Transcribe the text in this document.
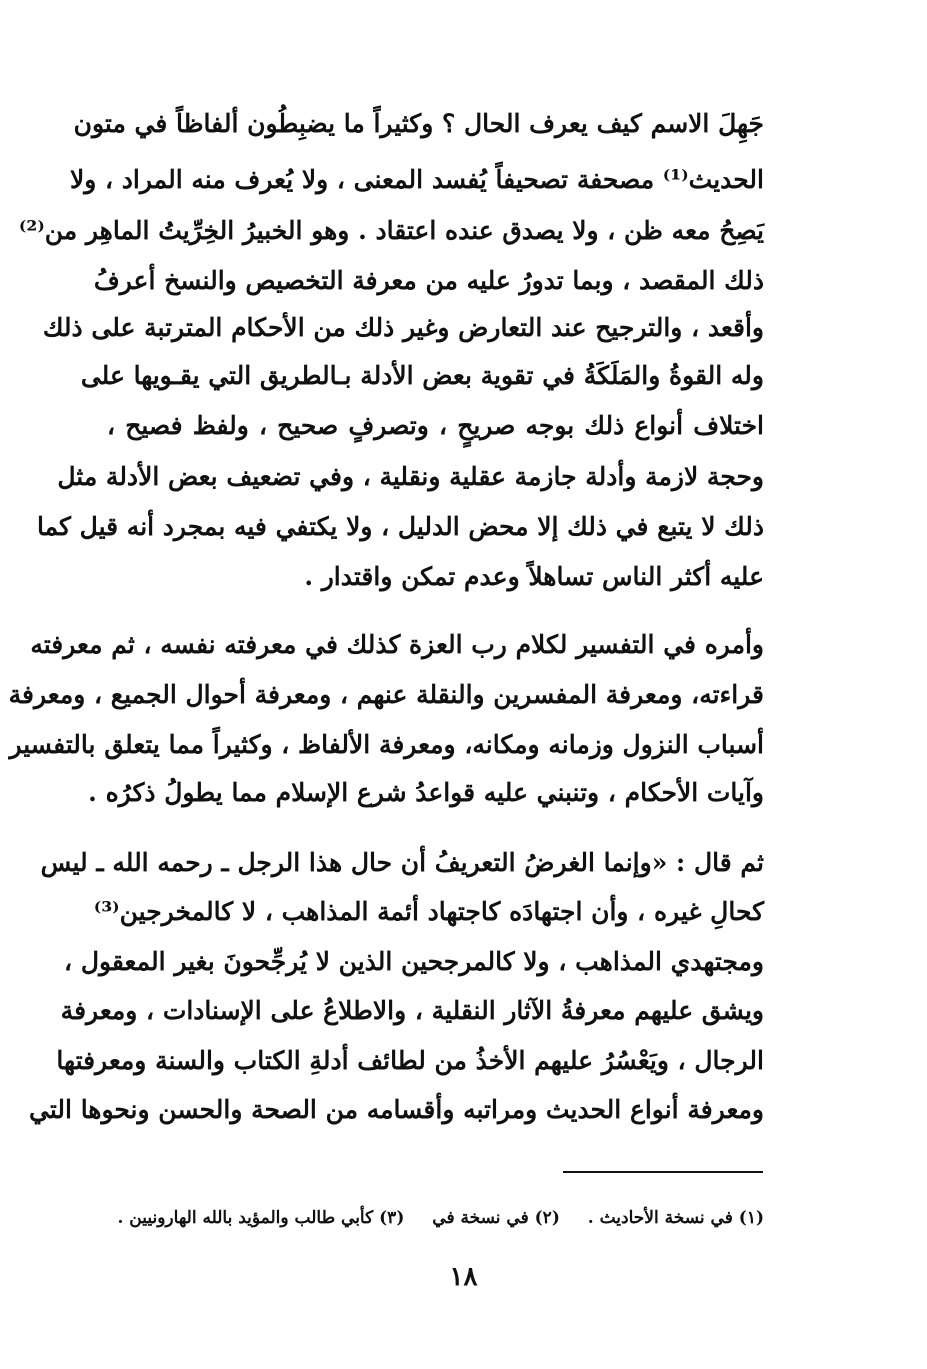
جَهِلَ الاسم كيف يعرف الحال ؟ وكثيراً ما يضبِطُون ألفاظاً في متون
الحديث⁽¹⁾ مصحفة تصحيفاً يُفسد المعنى ، ولا يُعرف منه المراد ، ولا
يَصِحُ معه ظن ، ولا يصدق عنده اعتقاد . وهو الخبيرُ الخِرِّيتُ الماهِر من⁽²⁾
ذلك المقصد ، وبما تدورُ عليه من معرفة التخصيص والنسخ أعرفُ
وأقعد ، والترجيح عند التعارض وغير ذلك من الأحكام المترتبة على ذلك
وله القوةُ والمَلَكَةُ في تقوية بعض الأدلة بـالطريق التي يقـويها على
اختلاف أنواع ذلك بوجه صريحٍ ، وتصرفٍ صحيح ، ولفظ فصيح ،
وحجة لازمة وأدلة جازمة عقلية ونقلية ، وفي تضعيف بعض الأدلة مثل
ذلك لا يتبع في ذلك إلا محض الدليل ، ولا يكتفي فيه بمجرد أنه قيل كما
عليه أكثر الناس تساهلاً وعدم تمكن واقتدار .
وأمره في التفسير لكلام رب العزة كذلك في معرفته نفسه ، ثم معرفته
قراءته، ومعرفة المفسرين والنقلة عنهم ، ومعرفة أحوال الجميع ، ومعرفة
أسباب النزول وزمانه ومكانه، ومعرفة الألفاظ ، وكثيراً مما يتعلق بالتفسير
وآيات الأحكام ، وتنبني عليه قواعدُ شرع الإسلام مما يطولُ ذكرُه .
ثم قال : «وإنما الغرضُ التعريفُ أن حال هذا الرجل ـ رحمه الله ـ ليس
كحالِ غيره ، وأن اجتهادَه كاجتهاد أئمة المذاهب ، لا كالمخرجين⁽³⁾
ومجتهدي المذاهب ، ولا كالمرجحين الذين لا يُرجِّحونَ بغير المعقول ،
ويشق عليهم معرفةُ الآثار النقلية ، والاطلاعُ على الإسنادات ، ومعرفة
الرجال ، ويَعْسُرُ عليهم الأخذُ من لطائف أدلةِ الكتاب والسنة ومعرفتها
ومعرفة أنواع الحديث ومراتبه وأقسامه من الصحة والحسن ونحوها التي
(١) في نسخة الأحاديث . (٢) في نسخة في (٣) كأبي طالب والمؤيد بالله الهارونيين .
١٨
